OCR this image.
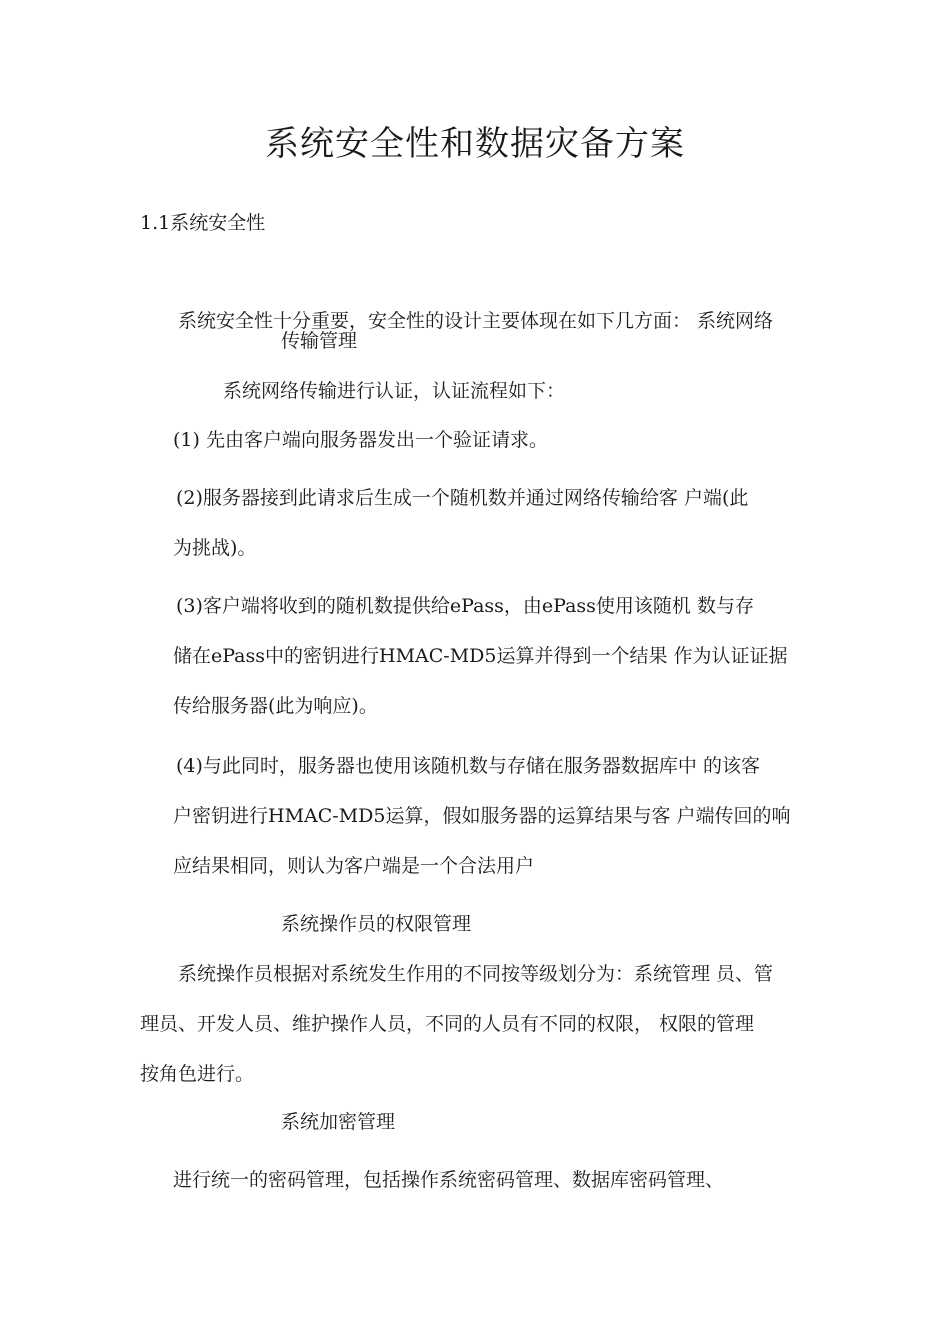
系统安全性和数据灾备方案
1.1系统安全性
系统安全性十分重要，安全性的设计主要体现在如下几方面： 系统网络
传输管理
系统网络传输进行认证，认证流程如下：
(1) 先由客户端向服务器发出一个验证请求。
(2)服务器接到此请求后生成一个随机数并通过网络传输给客 户端(此
为挑战)。
(3)客户端将收到的随机数提供给ePass，由ePass使用该随机 数与存
储在ePass中的密钥进行HMAC-MD5运算并得到一个结果 作为认证证据
传给服务器(此为响应)。
(4)与此同时，服务器也使用该随机数与存储在服务器数据库中 的该客
户密钥进行HMAC-MD5运算，假如服务器的运算结果与客 户端传回的响
应结果相同，则认为客户端是一个合法用户
系统操作员的权限管理
系统操作员根据对系统发生作用的不同按等级划分为：系统管理 员、管
理员、开发人员、维护操作人员，不同的人员有不同的权限， 权限的管理
按角色进行。
系统加密管理
进行统一的密码管理，包括操作系统密码管理、数据库密码管理、
